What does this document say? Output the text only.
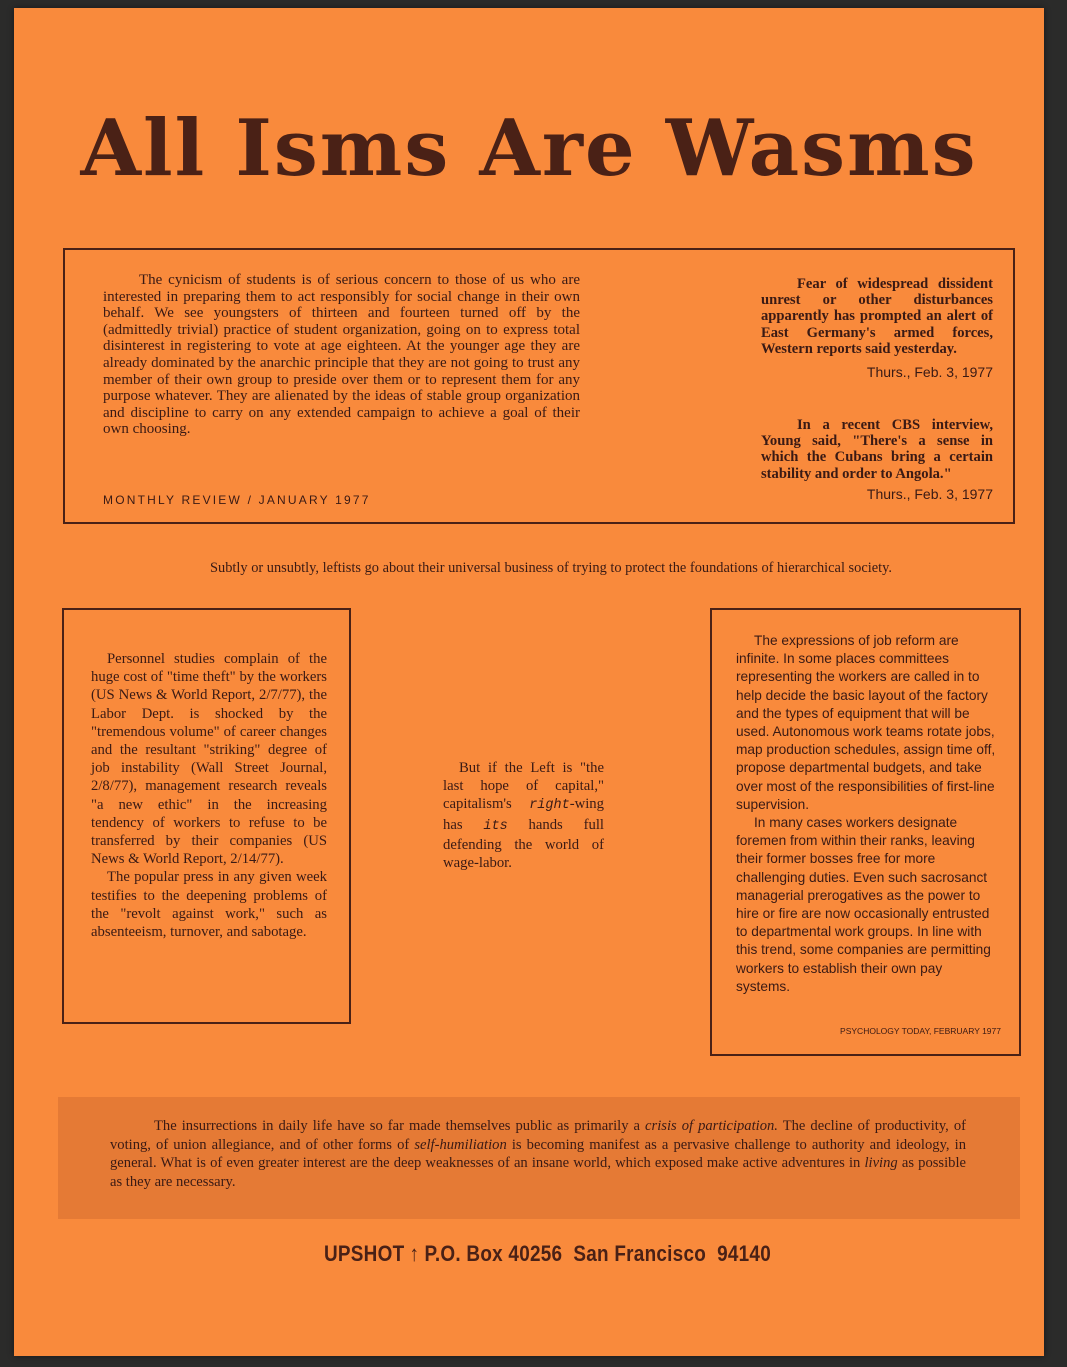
All Isms Are Wasms
The cynicism of students is of serious concern to those of us who are interested in preparing them to act responsibly for social change in their own behalf. We see youngsters of thirteen and fourteen turned off by the (admittedly trivial) practice of student organization, going on to express total disinterest in registering to vote at age eighteen. At the younger age they are already dominated by the anarchic principle that they are not going to trust any member of their own group to preside over them or to represent them for any purpose whatever. They are alienated by the ideas of stable group organization and discipline to carry on any extended campaign to achieve a goal of their own choosing.
MONTHLY REVIEW / JANUARY 1977
Fear of widespread dissident unrest or other disturbances apparently has prompted an alert of East Germany's armed forces, Western reports said yesterday.
Thurs., Feb. 3, 1977
In a recent CBS interview, Young said, "There's a sense in which the Cubans bring a certain stability and order to Angola."
Thurs., Feb. 3, 1977
Subtly or unsubtly, leftists go about their universal business of trying to protect the foundations of hierarchical society.

Personnel studies complain of the huge cost of "time theft" by the workers (US News & World Report, 2/7/77), the Labor Dept. is shocked by the "tremendous volume" of career changes and the resultant "striking" degree of job instability (Wall Street Journal, 2/8/77), management research reveals "a new ethic" in the increasing tendency of workers to refuse to be transferred by their companies (US News & World Report, 2/14/77).

The popular press in any given week testifies to the deepening problems of the "revolt against work," such as absenteeism, turnover, and sabotage.

But if the Left is "the last hope of capital," capitalism's right-wing has its hands full defending the world of wage-labor.

The expressions of job reform are infinite. In some places committees representing the workers are called in to help decide the basic layout of the factory and the types of equipment that will be used. Autonomous work teams rotate jobs, map production schedules, assign time off, propose departmental budgets, and take over most of the responsibilities of first-line supervision.

In many cases workers designate foremen from within their ranks, leaving their former bosses free for more challenging duties. Even such sacrosanct managerial prerogatives as the power to hire or fire are now occasionally entrusted to departmental work groups. In line with this trend, some companies are permitting workers to establish their own pay systems.

PSYCHOLOGY TODAY, FEBRUARY 1977
The insurrections in daily life have so far made themselves public as primarily a crisis of participation. The decline of productivity, of voting, of union allegiance, and of other forms of self-humiliation is becoming manifest as a pervasive challenge to authority and ideology, in general. What is of even greater interest are the deep weaknesses of an insane world, which exposed make active adventures in living as possible as they are necessary.
UPSHOT ↑ P.O. Box 40256  San Francisco  94140
